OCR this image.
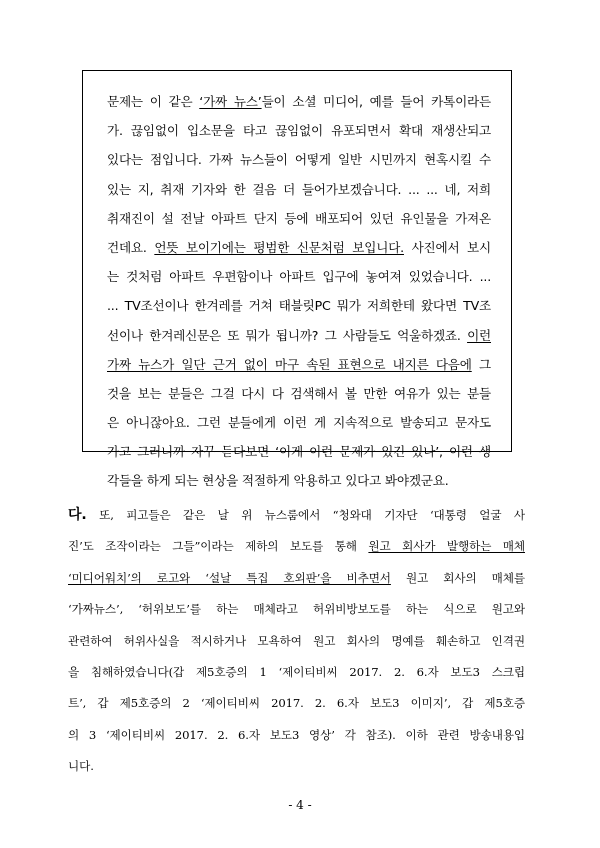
문제는 이 같은 ‘가짜 뉴스’들이 소셜 미디어, 예를 들어 카톡이라든
가. 끊임없이 입소문을 타고 끊임없이 유포되면서 확대 재생산되고
있다는 점입니다. 가짜 뉴스들이 어떻게 일반 시민까지 현혹시킬 수
있는 지, 취재 기자와 한 걸음 더 들어가보겠습니다. ... ... 네, 저희
취재진이 설 전날 아파트 단지 등에 배포되어 있던 유인물을 가져온
건데요. 언뜻 보이기에는 평범한 신문처럼 보입니다. 사진에서 보시
는 것처럼 아파트 우편함이나 아파트 입구에 놓여져 있었습니다. ...
... TV조선이나 한겨레를 거쳐 태블릿PC 뭐가 저희한테 왔다면 TV조
선이나 한겨레신문은 또 뭐가 됩니까? 그 사람들도 억울하겠죠. 이런
가짜 뉴스가 일단 근거 없이 마구 속된 표현으로 내지른 다음에 그
것을 보는 분들은 그걸 다시 다 검색해서 볼 만한 여유가 있는 분들
은 아니잖아요. 그런 분들에게 이런 게 지속적으로 발송되고 문자도
가고 그러니까 자꾸 듣다보면 ‘이게 이런 문제가 있긴 있나’, 이런 생
각들을 하게 되는 현상을 적절하게 악용하고 있다고 봐야겠군요.
다. 또, 피고들은 같은 날 위 뉴스룸에서 “청와대 기자단 ‘대통령 얼굴 사
진’도 조작이라는 그들”이라는 제하의 보도를 통해 원고 회사가 발행하는 매체
‘미디어워치’의 로고와 ‘설날 특집 호외판’을 비추면서 원고 회사의 매체를
‘가짜뉴스’, ‘허위보도’를 하는 매체라고 허위비방보도를 하는 식으로 원고와
관련하여 허위사실을 적시하거나 모욕하여 원고 회사의 명예를 훼손하고 인격권
을 침해하였습니다(갑 제5호증의 1 ‘제이티비씨 2017. 2. 6.자 보도3 스크립
트’, 갑 제5호증의 2 ‘제이티비씨 2017. 2. 6.자 보도3 이미지’, 갑 제5호증
의 3 ‘제이티비씨 2017. 2. 6.자 보도3 영상’ 각 참조). 이하 관련 방송내용입
니다.
- 4 -
